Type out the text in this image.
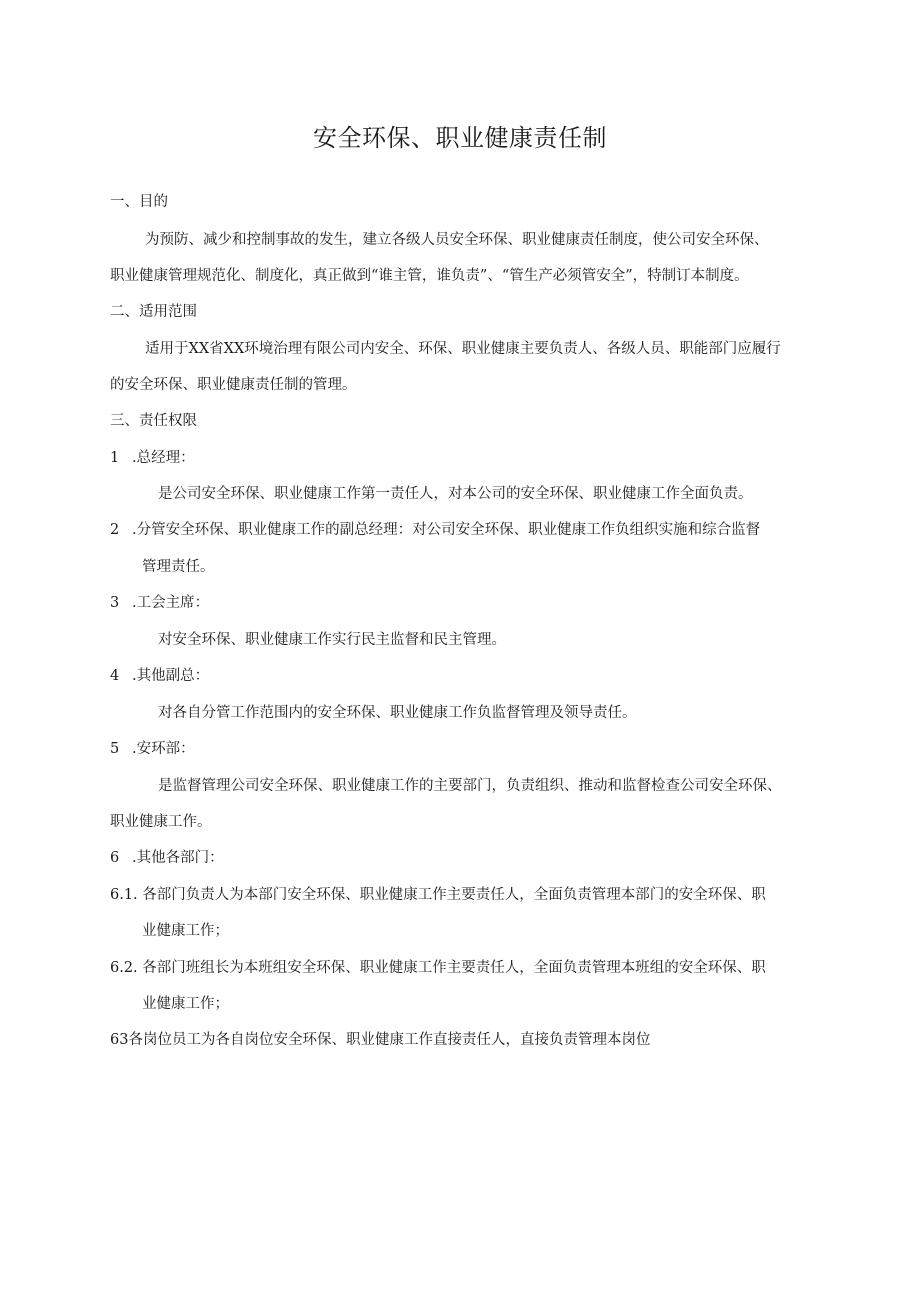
安全环保、职业健康责任制
一、目的
为预防、减少和控制事故的发生，建立各级人员安全环保、职业健康责任制度，使公司安全环保、
职业健康管理规范化、制度化，真正做到“谁主管，谁负责”、“管生产必须管安全”，特制订本制度。
二、适用范围
适用于XX省XX环境治理有限公司内安全、环保、职业健康主要负责人、各级人员、职能部门应履行
的安全环保、职业健康责任制的管理。
三、责任权限
1 .总经理：
是公司安全环保、职业健康工作第一责任人，对本公司的安全环保、职业健康工作全面负责。
2 .分管安全环保、职业健康工作的副总经理：对公司安全环保、职业健康工作负组织实施和综合监督
管理责任。
3 .工会主席：
对安全环保、职业健康工作实行民主监督和民主管理。
4 .其他副总：
对各自分管工作范围内的安全环保、职业健康工作负监督管理及领导责任。
5 .安环部：
是监督管理公司安全环保、职业健康工作的主要部门，负责组织、推动和监督检查公司安全环保、
职业健康工作。
6 .其他各部门：
6.1. 各部门负责人为本部门安全环保、职业健康工作主要责任人，全面负责管理本部门的安全环保、职
业健康工作；
6.2. 各部门班组长为本班组安全环保、职业健康工作主要责任人，全面负责管理本班组的安全环保、职
业健康工作；
63各岗位员工为各自岗位安全环保、职业健康工作直接责任人，直接负责管理本岗位
